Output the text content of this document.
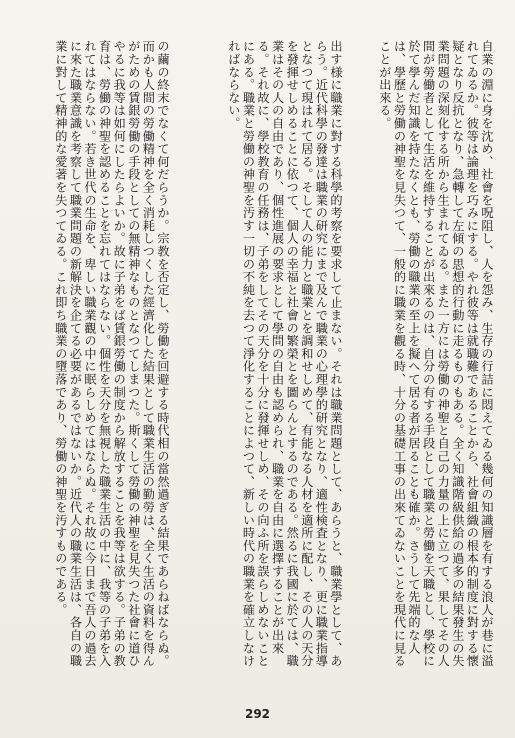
自業の淵に身を沈め、社會を呪阻し、人を怨み、生存の行詰に悶えてゐる幾何の知識層を有する浪人が巷に溢れてゐるか。彼等は論理を巧みにする。やれ彼等は就職難であることから、社會組織の根本的制度に對する懷疑となり反抗となり、急轉して左傾の思想的行動に走るものもある。全く知識階級供給の過多の結果發生の失業問題の深刻化する所から生まれてゐる。また一方には勞働の神聖と自己の力量の上に立つて、果してその人間が勞働者として生活を維持することが出來るのは、自分の有する手段として職業と勞働を天職とし、學校に於て學んだ知識を持たなくとも、勞働の職業の至上を擬へて居る者が居ることも確か。さうして先端的な人は、學歷と勞働の神聖を見失つて、一般的に職業を觀る時、十分の基礎工事の出來てゐないことを現代に見ることが出來る。

出す様に職業に對する科學的考察を要求して止まない。それは職業問題として、あらうと、職業學として、あらう。近代科學の發達は職業の研究にまで及んで職業の心理學的研究となり、適性検査となり、更に職業指導となつて現はれて居る。そして人の能力と職業とを調和せしめて、有能なる人材を適所に配し、その人の天分を發揮せしめることに依つて、個人の幸福と社會の繁榮とを圖らんとするのである。然るに我國に於ては、職業はその人の自由であり、個性進展の要求として學問の自由も認められ、職業を自由に選擇することが出來る。それ故に、學校教育の任務は、子弟をしてその天分を十分に發揮せしめ、その向ふ所を誤らしめないことにある。職業と勞働の神聖を汚す一切の不純を去つて淨化することによつて、新しい時代の職業を確立しなければならない。

の繭の終末でなくて何だらうか。宗教を否定し、勞働を回避する時代相の當然過ぎる結果であらねばならぬ。而かも人間の勞働精神を全く消耗しつくした經濟化した結果として職業生活の勤勞は、全く生活の資料を得んがための賃銀勞働の手段としての無精神なものとなつてしまつた。斯くして勞働の神聖を見失つた社會に道ひやるに我等は如何にしたらよいか。故に子弟をば賃銀勞働の制度から解放することを我等は欲する。子弟の教育は、勞働の神聖を認めることを忘れてはならない。個性を天分を無視した職業生活の中に、我等の子弟を入れてはならない。若き世代の生命を、卑しい職業觀の中に眠らしめてはならぬ。それ故に今日まで吾人の過去に來た職業意識を考察して職業問題の新解決を企てる必要があるではないか。近代人の職業生活は、各自の職業に對して精神的な愛著を失つてゐる。これ即ち職業の墮落であり、勞働の神聖を汚すものである。

292
